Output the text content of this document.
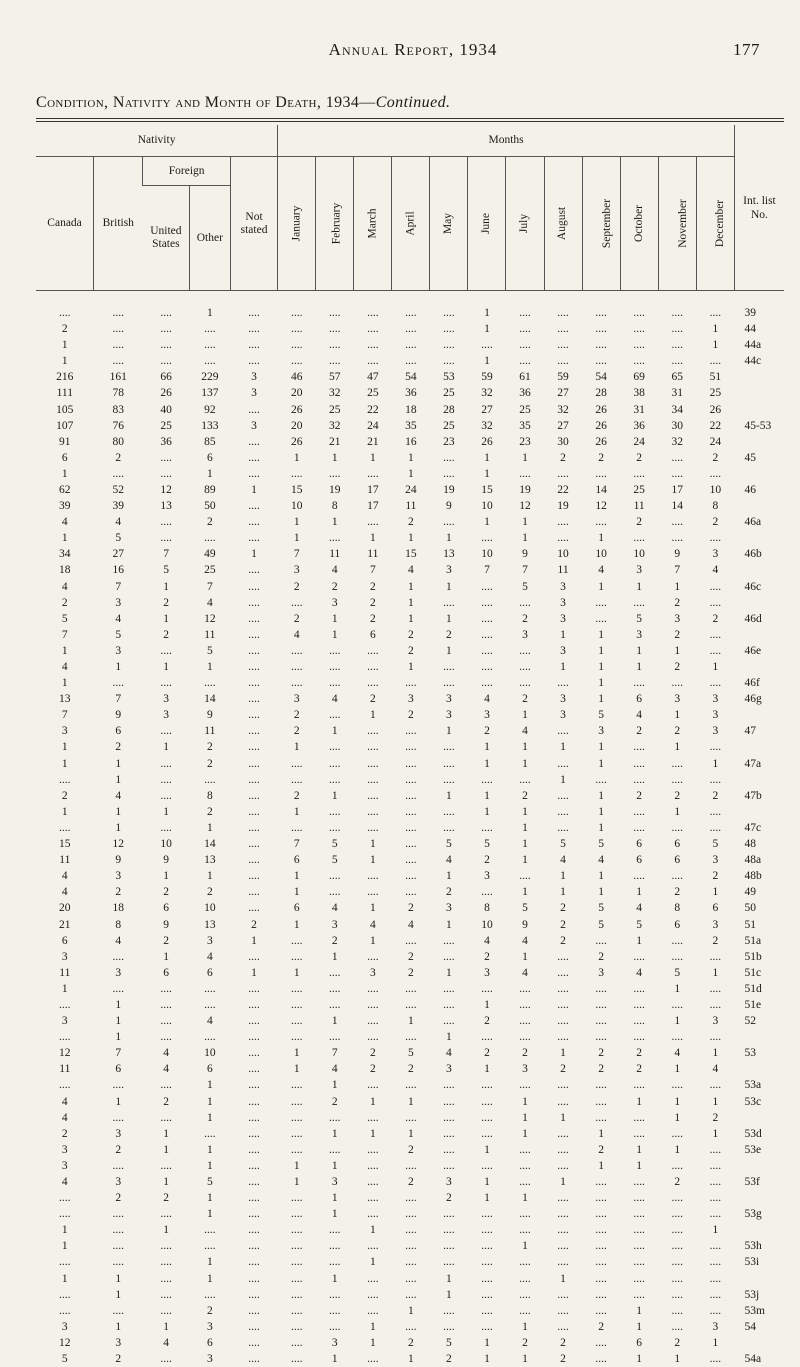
Annual Report, 1934	177
Condition, Nativity and Month of Death, 1934—Continued.
Nativity					Months												Int. list No.
Canada	British	Foreign		Not stated	January	February	March	April	May	June	July	August	September	October	November	December	
		United States	Other														
....	....	....	1	....	....	....	....	....	....	1	....	....	....	....	....	....	39
2	....	....	....	....	....	....	....	....	....	1	....	....	....	....	....	1	44
1	....	....	....	....	....	....	....	....	....	....	....	....	....	....	....	1	44a
1	....	....	....	....	....	....	....	....	....	1	....	....	....	....	....	....	44c
216	161	66	229	3	46	57	47	54	53	59	61	59	54	69	65	51	
111	78	26	137	3	20	32	25	36	25	32	36	27	28	38	31	25	
105	83	40	92	....	26	25	22	18	28	27	25	32	26	31	34	26	
107	76	25	133	3	20	32	24	35	25	32	35	27	26	36	30	22	45-53
91	80	36	85	....	26	21	21	16	23	26	23	30	26	24	32	24	
6	2	....	6	....	1	1	1	1	....	1	1	2	2	2	....	2	45
1	....	....	1	....	....	....	....	1	....	1	....	....	....	....	....	....	
62	52	12	89	1	15	19	17	24	19	15	19	22	14	25	17	10	46
39	39	13	50	....	10	8	17	11	9	10	12	19	12	11	14	8	
4	4	....	2	....	1	1	....	2	....	1	1	....	....	2	....	2	46a
1	5	....	....	....	1	....	1	1	1	....	1	....	1	....	....	....	
34	27	7	49	1	7	11	11	15	13	10	9	10	10	10	9	3	46b
18	16	5	25	....	3	4	7	4	3	7	7	11	4	3	7	4	
4	7	1	7	....	2	2	2	1	1	....	5	3	1	1	1	....	46c
2	3	2	4	....	....	3	2	1	....	....	....	3	....	....	2	....	
5	4	1	12	....	2	1	2	1	1	....	2	3	....	5	3	2	46d
7	5	2	11	....	4	1	6	2	2	....	3	1	1	3	2	....	
1	3	....	5	....	....	....	....	2	1	....	....	3	1	1	1	....	46e
4	1	1	1	....	....	....	....	1	....	....	....	1	1	1	2	1	
1	....	....	....	....	....	....	....	....	....	....	....	....	1	....	....	....	46f
13	7	3	14	....	3	4	2	3	3	4	2	3	1	6	3	3	46g
7	9	3	9	....	2	....	1	2	3	3	1	3	5	4	1	3	
3	6	....	11	....	2	1	....	....	1	2	4	....	3	2	2	3	47
1	2	1	2	....	1	....	....	....	....	1	1	1	1	....	1	....	
1	1	....	2	....	....	....	....	....	....	1	1	....	1	....	....	1	47a
....	1	....	....	....	....	....	....	....	....	....	....	1	....	....	....	....	
2	4	....	8	....	2	1	....	....	1	1	2	....	1	2	2	2	47b
1	1	1	2	....	1	....	....	....	....	1	1	....	1	....	1	....	
....	1	....	1	....	....	....	....	....	....	....	1	....	1	....	....	....	47c
15	12	10	14	....	7	5	1	....	5	5	1	5	5	6	6	5	48
11	9	9	13	....	6	5	1	....	4	2	1	4	4	6	6	3	48a
4	3	1	1	....	1	....	....	....	1	3	....	1	1	....	....	2	48b
4	2	2	2	....	1	....	....	....	2	....	1	1	1	1	2	1	49
20	18	6	10	....	6	4	1	2	3	8	5	2	5	4	8	6	50
21	8	9	13	2	1	3	4	4	1	10	9	2	5	5	6	3	51
6	4	2	3	1	....	2	1	....	....	4	4	2	....	1	....	2	51a
3	....	1	4	....	....	1	....	2	....	2	1	....	2	....	....	....	51b
11	3	6	6	1	1	....	3	2	1	3	4	....	3	4	5	1	51c
1	....	....	....	....	....	....	....	....	....	....	....	....	....	....	1	....	51d
....	1	....	....	....	....	....	....	....	....	1	....	....	....	....	....	....	51e
3	1	....	4	....	....	1	....	1	....	2	....	....	....	....	1	3	52
....	1	....	....	....	....	....	....	....	1	....	....	....	....	....	....	....	
12	7	4	10	....	1	7	2	5	4	2	2	1	2	2	4	1	53
11	6	4	6	....	1	4	2	2	3	1	3	2	2	2	1	4	
....	....	....	1	....	....	1	....	....	....	....	....	....	....	....	....	....	53a
4	1	2	1	....	....	2	1	1	....	....	1	....	....	1	1	1	53c
4	....	....	1	....	....	....	....	....	....	....	1	1	....	....	1	2	
2	3	1	....	....	....	1	1	1	....	....	1	....	1	....	....	1	53d
3	2	1	1	....	....	....	....	2	....	1	....	....	2	1	1	....	53e
3	....	....	1	....	1	1	....	....	....	....	....	....	1	1	....	....	
4	3	1	5	....	1	3	....	2	3	1	....	1	....	....	2	....	53f
....	2	2	1	....	....	1	....	....	2	1	1	....	....	....	....	....	
....	....	....	1	....	....	1	....	....	....	....	....	....	....	....	....	....	53g
1	....	1	....	....	....	....	1	....	....	....	....	....	....	....	....	1	
1	....	....	....	....	....	....	....	....	....	....	1	....	....	....	....	....	53h
....	....	....	1	....	....	....	1	....	....	....	....	....	....	....	....	....	53i
1	1	....	1	....	....	1	....	....	1	....	....	1	....	....	....	....	
....	1	....	....	....	....	....	....	....	1	....	....	....	....	....	....	....	53j
....	....	....	2	....	....	....	....	1	....	....	....	....	....	1	....	....	53m
3	1	1	3	....	....	....	1	....	....	....	1	....	2	1	....	3	54
12	3	4	6	....	....	3	1	2	5	1	2	2	....	6	2	1	
5	2	....	3	....	....	1	....	1	2	1	1	2	....	1	1	....	54a
